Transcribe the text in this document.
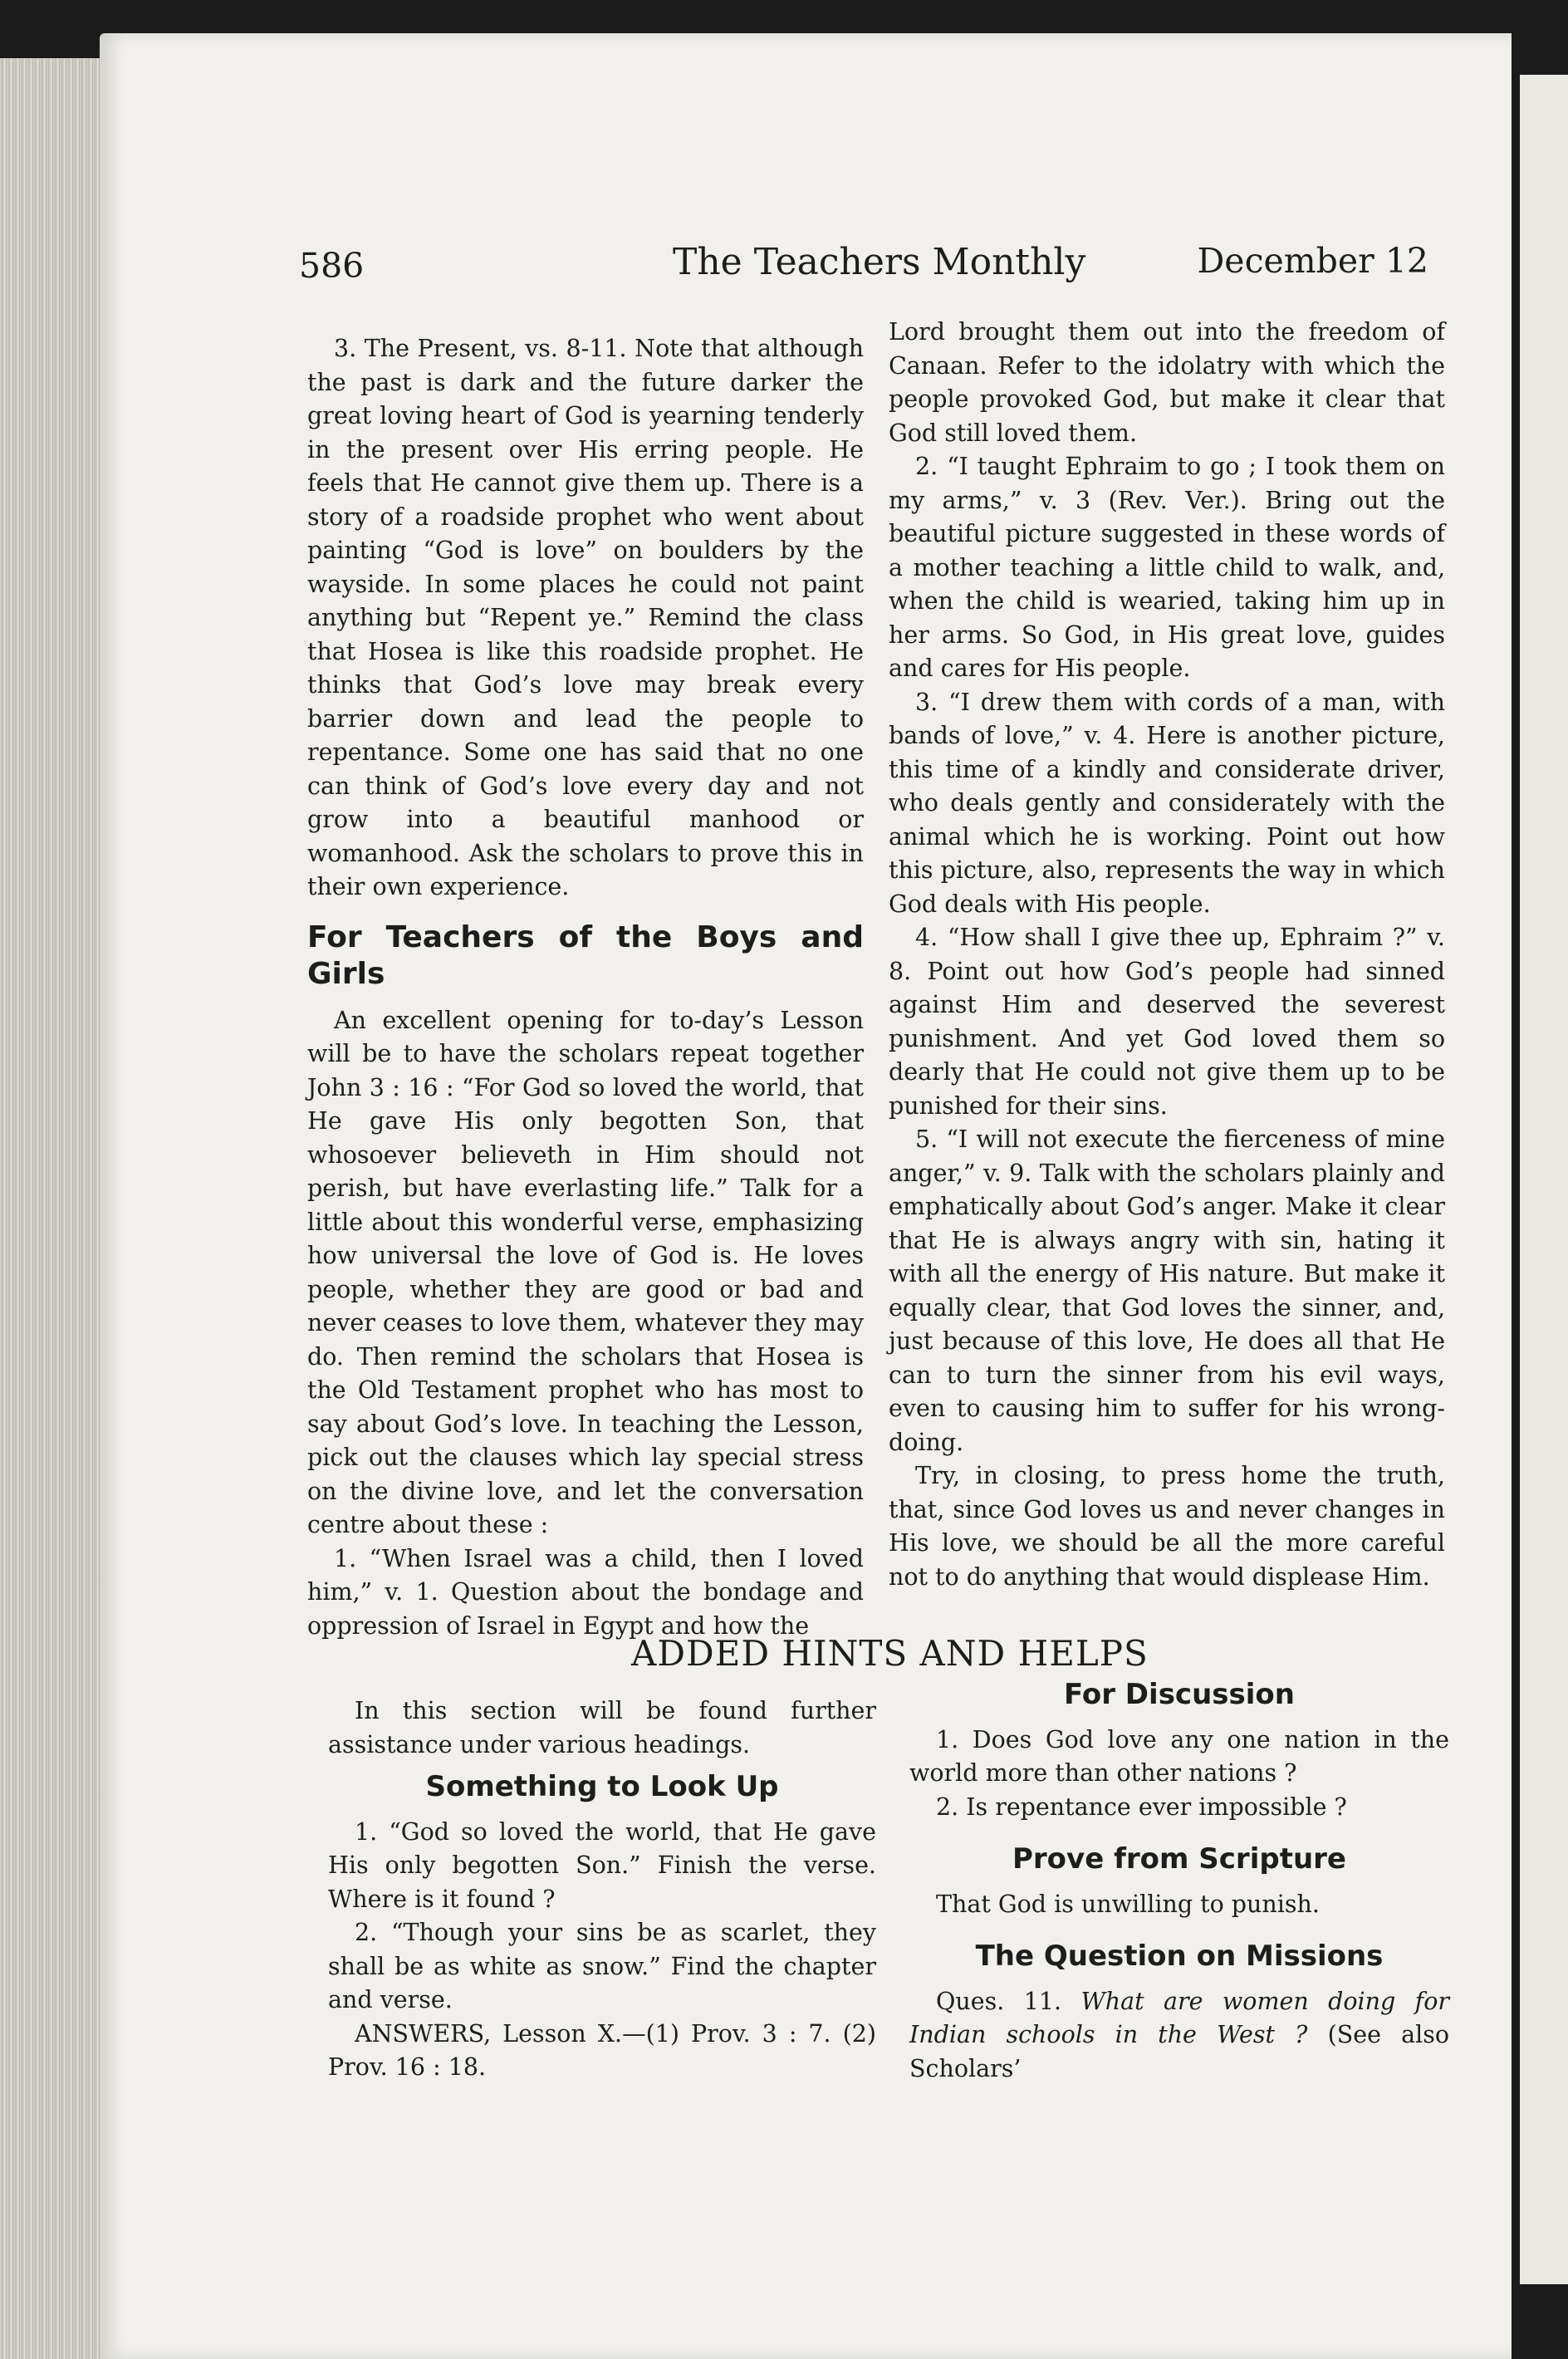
586	The Teachers Monthly	December 12

3. The Present, vs. 8-11. Note that although the past is dark and the future darker the great loving heart of God is yearning tenderly in the present over His erring people. He feels that He cannot give them up. There is a story of a roadside prophet who went about painting “God is love” on boulders by the wayside. In some places he could not paint anything but “Repent ye.” Remind the class that Hosea is like this roadside prophet. He thinks that God’s love may break every barrier down and lead the people to repentance. Some one has said that no one can think of God’s love every day and not grow into a beautiful manhood or womanhood. Ask the scholars to prove this in their own experience.

For Teachers of the Boys and Girls

An excellent opening for to-day’s Lesson will be to have the scholars repeat together John 3 : 16 : “For God so loved the world, that He gave His only begotten Son, that whosoever believeth in Him should not perish, but have everlasting life.” Talk for a little about this wonderful verse, emphasizing how universal the love of God is. He loves people, whether they are good or bad and never ceases to love them, whatever they may do. Then remind the scholars that Hosea is the Old Testament prophet who has most to say about God’s love. In teaching the Lesson, pick out the clauses which lay special stress on the divine love, and let the conversation centre about these :

1. “When Israel was a child, then I loved him,” v. 1. Question about the bondage and oppression of Israel in Egypt and how the

Lord brought them out into the freedom of Canaan. Refer to the idolatry with which the people provoked God, but make it clear that God still loved them.

2. “I taught Ephraim to go ; I took them on my arms,” v. 3 (Rev. Ver.). Bring out the beautiful picture suggested in these words of a mother teaching a little child to walk, and, when the child is wearied, taking him up in her arms. So God, in His great love, guides and cares for His people.

3. “I drew them with cords of a man, with bands of love,” v. 4. Here is another picture, this time of a kindly and considerate driver, who deals gently and considerately with the animal which he is working. Point out how this picture, also, represents the way in which God deals with His people.

4. “How shall I give thee up, Ephraim ?” v. 8. Point out how God’s people had sinned against Him and deserved the severest punishment. And yet God loved them so dearly that He could not give them up to be punished for their sins.

5. “I will not execute the fierceness of mine anger,” v. 9. Talk with the scholars plainly and emphatically about God’s anger. Make it clear that He is always angry with sin, hating it with all the energy of His nature. But make it equally clear, that God loves the sinner, and, just because of this love, He does all that He can to turn the sinner from his evil ways, even to causing him to suffer for his wrong-doing.

Try, in closing, to press home the truth, that, since God loves us and never changes in His love, we should be all the more careful not to do anything that would displease Him.

ADDED HINTS AND HELPS

In this section will be found further assistance under various headings.

Something to Look Up

1. “God so loved the world, that He gave His only begotten Son.” Finish the verse. Where is it found ?

2. “Though your sins be as scarlet, they shall be as white as snow.” Find the chapter and verse.

ANSWERS, Lesson X.—(1) Prov. 3 : 7. (2) Prov. 16 : 18.

For Discussion

1. Does God love any one nation in the world more than other nations ?

2. Is repentance ever impossible ?

Prove from Scripture

That God is unwilling to punish.

The Question on Missions

Ques. 11. What are women doing for Indian schools in the West ? (See also Scholars’
